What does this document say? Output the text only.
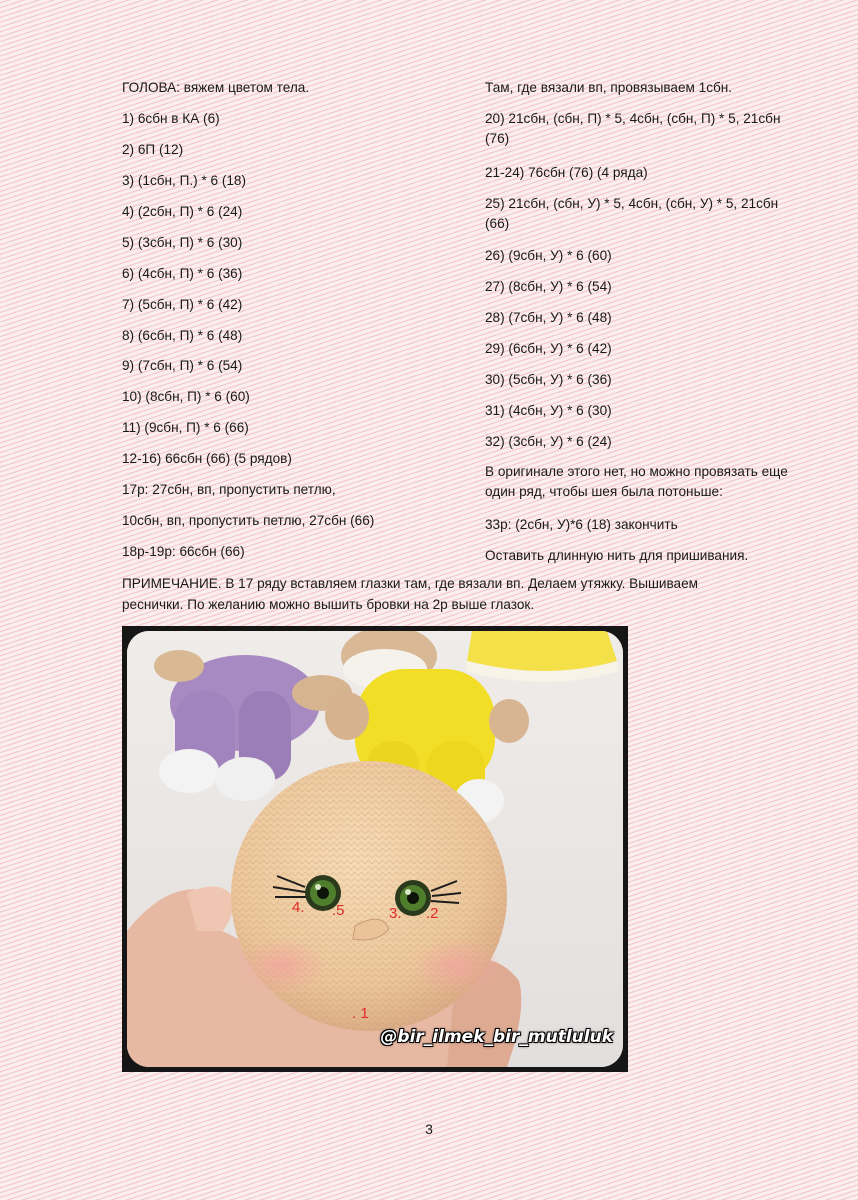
ГОЛОВА: вяжем цветом тела.

1) 6сбн в КА (6)

2) 6П (12)

3) (1сбн, П.) * 6 (18)

4) (2сбн, П) * 6 (24)

5) (3сбн, П) * 6 (30)

6) (4сбн, П) * 6 (36)

7) (5сбн, П) * 6 (42)

8) (6сбн, П) * 6 (48)

9) (7сбн, П) * 6 (54)

10) (8сбн, П) * 6 (60)

11) (9сбн, П) * 6 (66)

12-16) 66сбн (66) (5 рядов)

17р: 27сбн, вп, пропустить петлю,

10сбн, вп, пропустить петлю, 27сбн (66)

18р-19р: 66сбн (66)

Там, где вязали вп, провязываем 1сбн.

20) 21сбн, (сбн, П) * 5, 4сбн, (сбн, П) * 5, 21сбн (76)

21-24) 76сбн (76) (4 ряда)

25) 21сбн, (сбн, У) * 5, 4сбн, (сбн, У) * 5, 21сбн (66)

26) (9сбн, У) * 6 (60)

27) (8сбн, У) * 6 (54)

28) (7сбн, У) * 6 (48)

29) (6сбн, У) * 6 (42)

30) (5сбн, У) * 6 (36)

31) (4сбн, У) * 6 (30)

32) (3сбн, У) * 6 (24)

В оригинале этого нет, но можно провязать еще один ряд, чтобы шея была потоньше:

33р: (2сбн, У)*6 (18) закончить

Оставить длинную нить для пришивания.

ПРИМЕЧАНИЕ. В 17 ряду вставляем глазки там, где вязали вп. Делаем утяжку. Вышиваем реснички. По желанию можно вышить бровки на 2р выше глазок.

4. .5	3. .2
. 1
@bir_ilmek_bir_mutluluk
3
